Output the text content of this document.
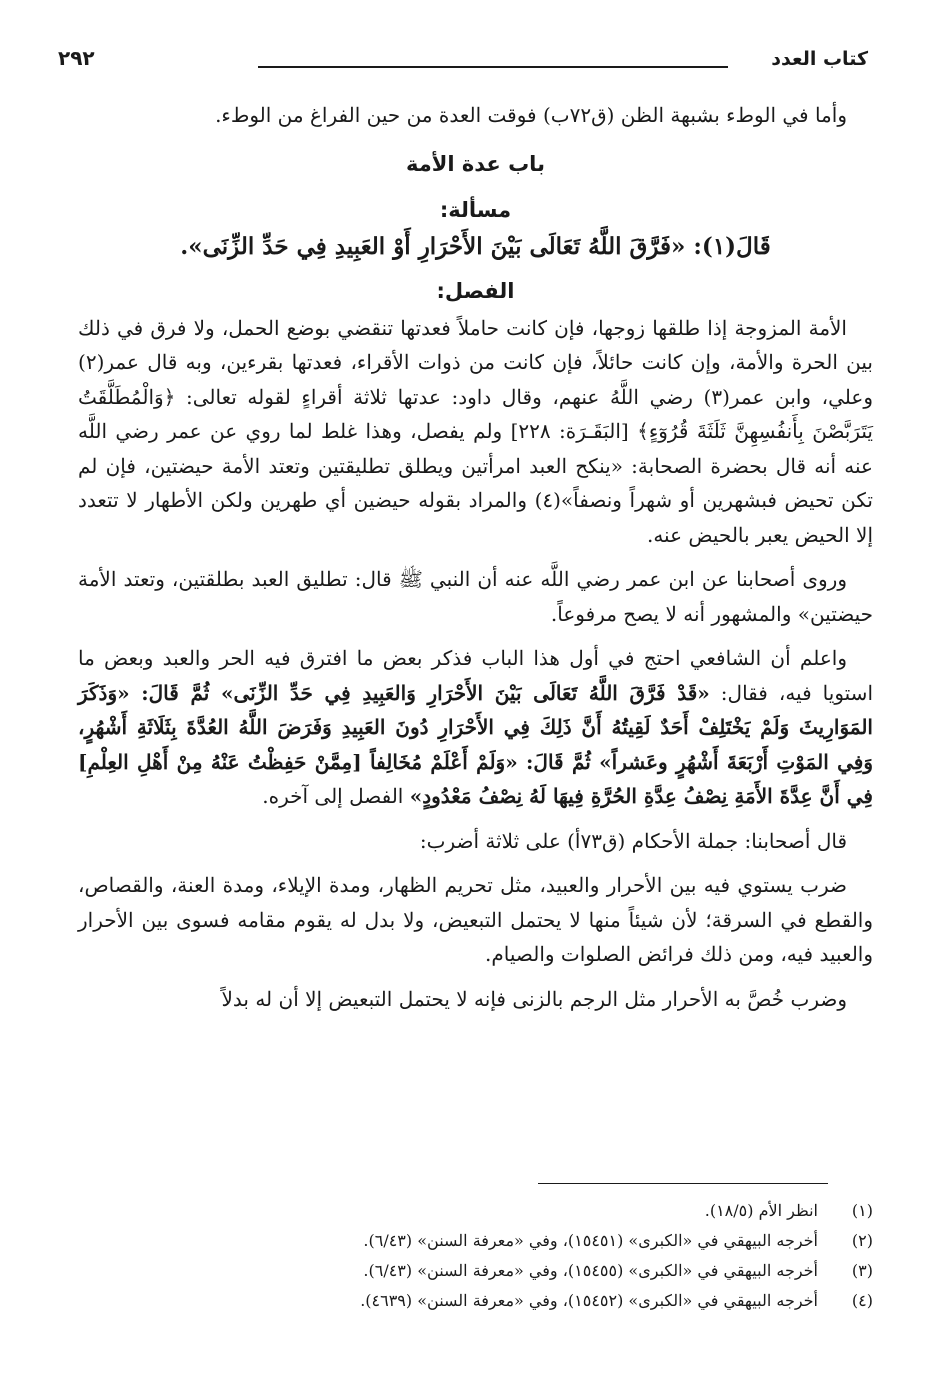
كتاب العدد
٢٩٢

وأما في الوطء بشبهة الظن (ق٧٢ب) فوقت العدة من حين الفراغ من الوطء.

باب عدة الأمة

مسألة:

قَالَ(١): «فَرَّقَ اللَّهُ تَعَالَى بَيْنَ الأَحْرَارِ أَوْ العَبِيدِ فِي حَدِّ الزِّنَى».

الفصل:

الأمة المزوجة إذا طلقها زوجها، فإن كانت حاملاً فعدتها تنقضي بوضع الحمل، ولا فرق في ذلك بين الحرة والأمة، وإن كانت حائلاً، فإن كانت من ذوات الأقراء، فعدتها بقرءين، وبه قال عمر(٢) وعلي، وابن عمر(٣) رضي اللَّهُ عنهم، وقال داود: عدتها ثلاثة أقراءٍ لقوله تعالى: ﴿وَالْمُطَلَّقَتُ يَتَرَبَّصْنَ بِأَنفُسِهِنَّ ثَلَثَةَ قُرُوٓءٍ﴾ [البَقَـرَة: ٢٢٨] ولم يفصل، وهذا غلط لما روي عن عمر رضي اللَّه عنه أنه قال بحضرة الصحابة: «ينكح العبد امرأتين ويطلق تطليقتين وتعتد الأمة حيضتين، فإن لم تكن تحيض فبشهرين أو شهراً ونصفاً»(٤) والمراد بقوله حيضين أي طهرين ولكن الأطهار لا تتعدد إلا الحيض يعبر بالحيض عنه.

وروى أصحابنا عن ابن عمر رضي اللَّه عنه أن النبي ﷺ قال: تطليق العبد بطلقتين، وتعتد الأمة حيضتين» والمشهور أنه لا يصح مرفوعاً.

واعلم أن الشافعي احتج في أول هذا الباب فذكر بعض ما افترق فيه الحر والعبد وبعض ما استويا فيه، فقال: «قَدْ فَرَّقَ اللَّهُ تَعَالَى بَيْنَ الأَحْرَارِ وَالعَبِيدِ فِي حَدِّ الزِّنَى» ثُمَّ قَالَ: «وَذَكَرَ المَوَارِيثَ وَلَمْ يَخْتَلِفْ أَحَدٌ لَقِيتُهُ أَنَّ ذَلِكَ فِي الأَحْرَارِ دُونَ العَبِيدِ وَفَرَضَ اللَّهُ العُدَّةَ بِثَلَاثَةِ أَشْهُرٍ، وَفِي المَوْتِ أَرْبَعَةَ أَشْهُرٍ وعَشراً» ثُمَّ قَالَ: «وَلَمْ أَعْلَمْ مُخَالِفاً [مِمَّنْ حَفِظْتُ عَنْهُ مِنْ أَهْلِ العِلْمِ] فِي أَنَّ عِدَّةَ الأَمَةِ نِصْفُ عِدَّةِ الحُرَّةِ فِيهَا لَهُ نِصْفُ مَعْدُودٍ» الفصل إلى آخره.

قال أصحابنا: جملة الأحكام (ق٧٣أ) على ثلاثة أضرب:

ضرب يستوي فيه بين الأحرار والعبيد، مثل تحريم الظهار، ومدة الإيلاء، ومدة العنة، والقصاص، والقطع في السرقة؛ لأن شيئاً منها لا يحتمل التبعيض، ولا بدل له يقوم مقامه فسوى بين الأحرار والعبيد فيه، ومن ذلك فرائض الصلوات والصيام.

وضرب خُصَّ به الأحرار مثل الرجم بالزنى فإنه لا يحتمل التبعيض إلا أن له بدلاً

(١)
انظر الأم (١٨/٥).
(٢)
أخرجه البيهقي في «الكبرى» (١٥٤٥١)، وفي «معرفة السنن» (٦/٤٣).
(٣)
أخرجه البيهقي في «الكبرى» (١٥٤٥٥)، وفي «معرفة السنن» (٦/٤٣).
(٤)
أخرجه البيهقي في «الكبرى» (١٥٤٥٢)، وفي «معرفة السنن» (٤٦٣٩).
